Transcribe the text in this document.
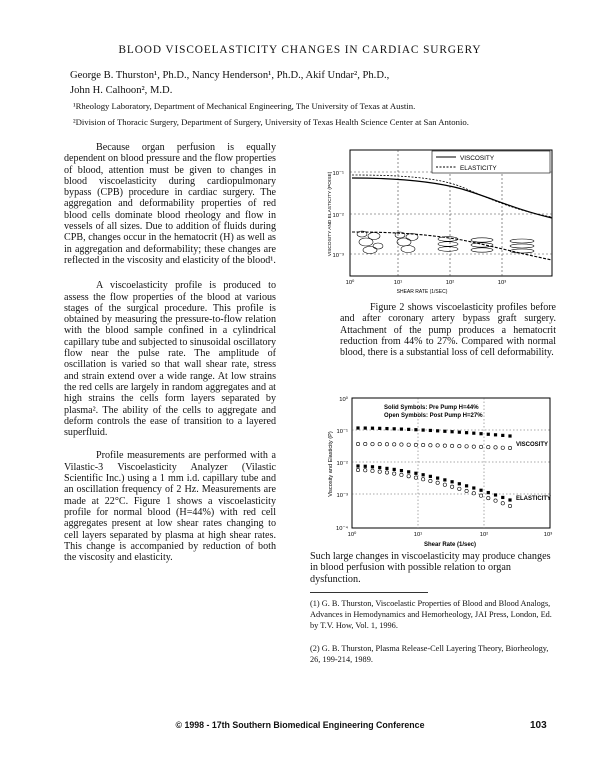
BLOOD VISCOELASTICITY CHANGES IN CARDIAC SURGERY
George B. Thurston¹, Ph.D., Nancy Henderson¹, Ph.D., Akif Undar², Ph.D.,
John H. Calhoon², M.D.
¹Rheology Laboratory, Department of Mechanical Engineering, The University of Texas at Austin.
²Division of Thoracic Surgery, Department of Surgery, University of Texas Health Science Center at San Antonio.

Because organ perfusion is equally dependent on blood pressure and the flow properties of blood, attention must be given to changes in blood viscoelasticity during cardiopulmonary bypass (CPB) procedure in cardiac surgery. The aggregation and deformability properties of red blood cells dominate blood rheology and flow in vessels of all sizes. Due to addition of fluids during CPB, changes occur in the hematocrit (H) as well as in aggregation and deformability; these changes are reflected in the viscosity and elasticity of the blood¹.

A viscoelasticity profile is produced to assess the flow properties of the blood at various stages of the surgical procedure. This profile is obtained by measuring the pressure-to-flow relation with the blood sample confined in a cylindrical capillary tube and subjected to sinusoidal oscillatory flow near the pulse rate. The amplitude of oscillation is varied so that wall shear rate, stress and strain extend over a wide range. At low strains the red cells are largely in random aggregates and at high strains the cells form layers separated by plasma². The ability of the cells to aggregate and deform controls the ease of transition to a layered superfluid.

Profile measurements are performed with a Vilastic-3 Viscoelasticity Analyzer (Vilastic Scientific Inc.) using a 1 mm i.d. capillary tube and an oscillation frequency of 2 Hz. Measurements are made at 22°C. Figure 1 shows a viscoelasticity profile for normal blood (H=44%) with red cell aggregates present at low shear rates changing to cell layers separated by plasma at high shear rates. This change is accompanied by reduction of both the viscosity and elasticity.

VISCOSITY
ELASTICITY
10⁻¹
10⁻²
10⁻³
10⁰	10¹	10²	10³
SHEAR RATE (1/SEC)
VISCOSITY AND ELASTICITY (POISE)

Figure 2 shows viscoelasticity profiles before and after coronary artery bypass graft surgery. Attachment of the pump produces a hematocrit reduction from 44% to 27%. Compared with normal blood, there is a substantial loss of cell deformability.

Solid Symbols: Pre Pump H=44%
Open Symbols: Post Pump H=27%
VISCOSITY
ELASTICITY
10⁰
10⁻¹
10⁻²
10⁻³
10⁻⁴
10⁰	10¹	10²	10³
Shear Rate (1/sec)
Viscosity and Elasticity (P)

Such large changes in viscoelasticity may produce changes in blood perfusion with possible relation to organ dysfunction.

(1) G. B. Thurston, Viscoelastic Properties of Blood and Blood Analogs, Advances in Hemodynamics and Hemorheology, JAI Press, London, Ed. by T.V. How, Vol. 1, 1996.
(2) G. B. Thurston, Plasma Release-Cell Layering Theory, Biorheology, 26, 199-214, 1989.
© 1998 - 17th Southern Biomedical Engineering Conference	103
